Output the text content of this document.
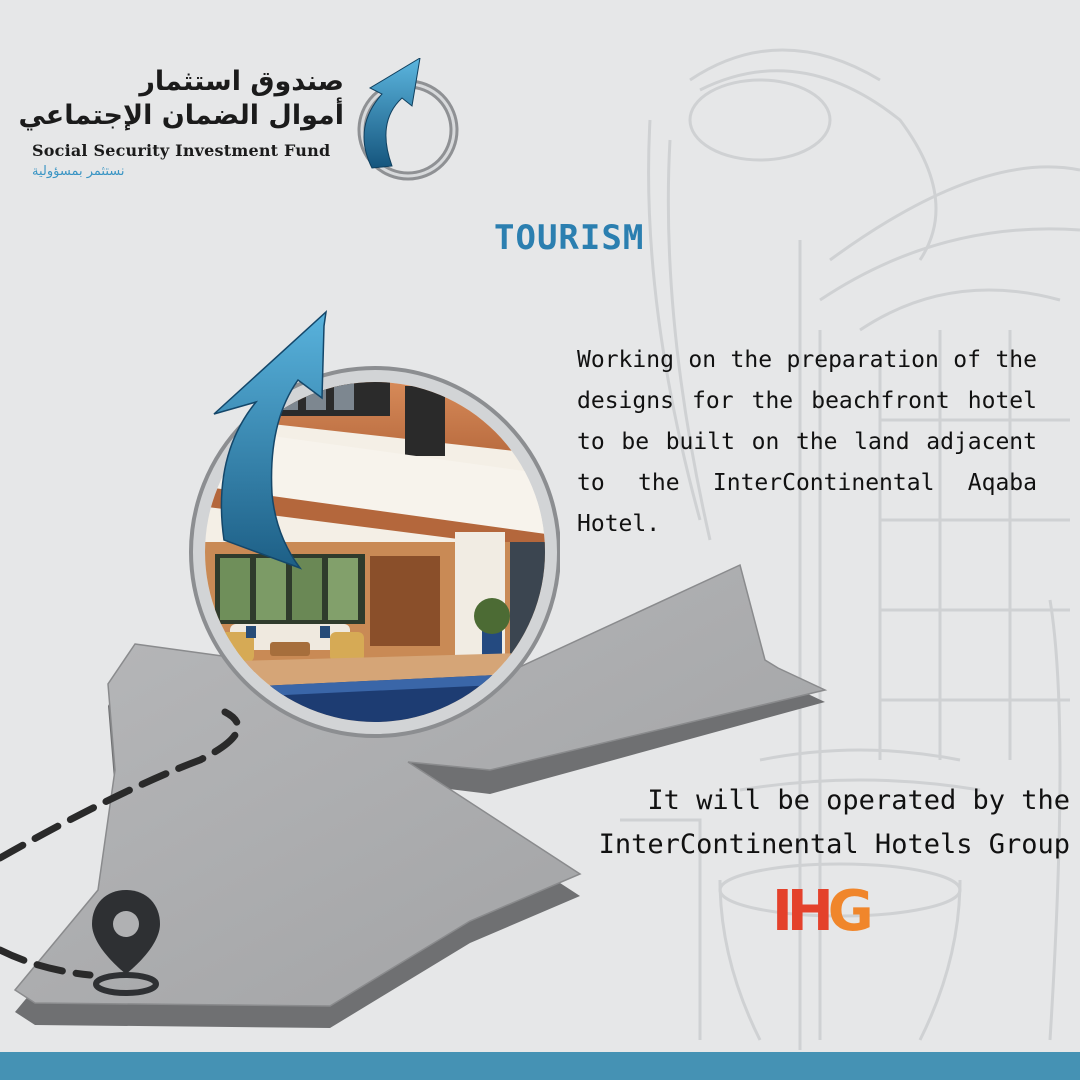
صندوق استثمار
أموال الضمان الإجتماعي
Social Security Investment Fund
نستثمر بمسؤولية
TOURISM
Working on the preparation of the designs for the beachfront hotel to be built on the land adjacent to the InterContinental Aqaba Hotel.
It will be operated by the InterContinental Hotels Group
IHG
